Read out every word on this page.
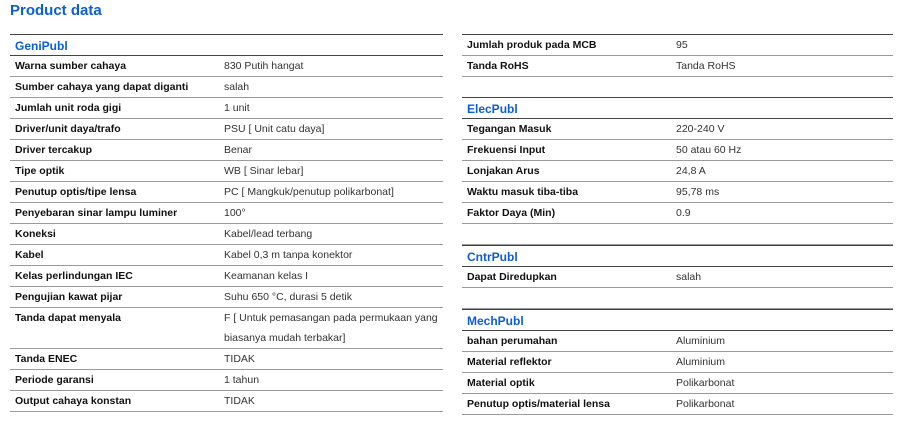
Product data
GeniPubl
Warna sumber cahaya	830 Putih hangat
Sumber cahaya yang dapat diganti	salah
Jumlah unit roda gigi	1 unit
Driver/unit daya/trafo	PSU [ Unit catu daya]
Driver tercakup	Benar
Tipe optik	WB [ Sinar lebar]
Penutup optis/tipe lensa	PC [ Mangkuk/penutup polikarbonat]
Penyebaran sinar lampu luminer	100°
Koneksi	Kabel/lead terbang
Kabel	Kabel 0,3 m tanpa konektor
Kelas perlindungan IEC	Keamanan kelas I
Pengujian kawat pijar	Suhu 650 °C, durasi 5 detik
Tanda dapat menyala	F [ Untuk pemasangan pada permukaan yang biasanya mudah terbakar]
Tanda ENEC	TIDAK
Periode garansi	1 tahun
Output cahaya konstan	TIDAK
Jumlah produk pada MCB	95
Tanda RoHS	Tanda RoHS
ElecPubl
Tegangan Masuk	220-240 V
Frekuensi Input	50 atau 60 Hz
Lonjakan Arus	24,8 A
Waktu masuk tiba-tiba	95,78 ms
Faktor Daya (Min)	0.9
CntrPubl
Dapat Diredupkan	salah
MechPubl
bahan perumahan	Aluminium
Material reflektor	Aluminium
Material optik	Polikarbonat
Penutup optis/material lensa	Polikarbonat
